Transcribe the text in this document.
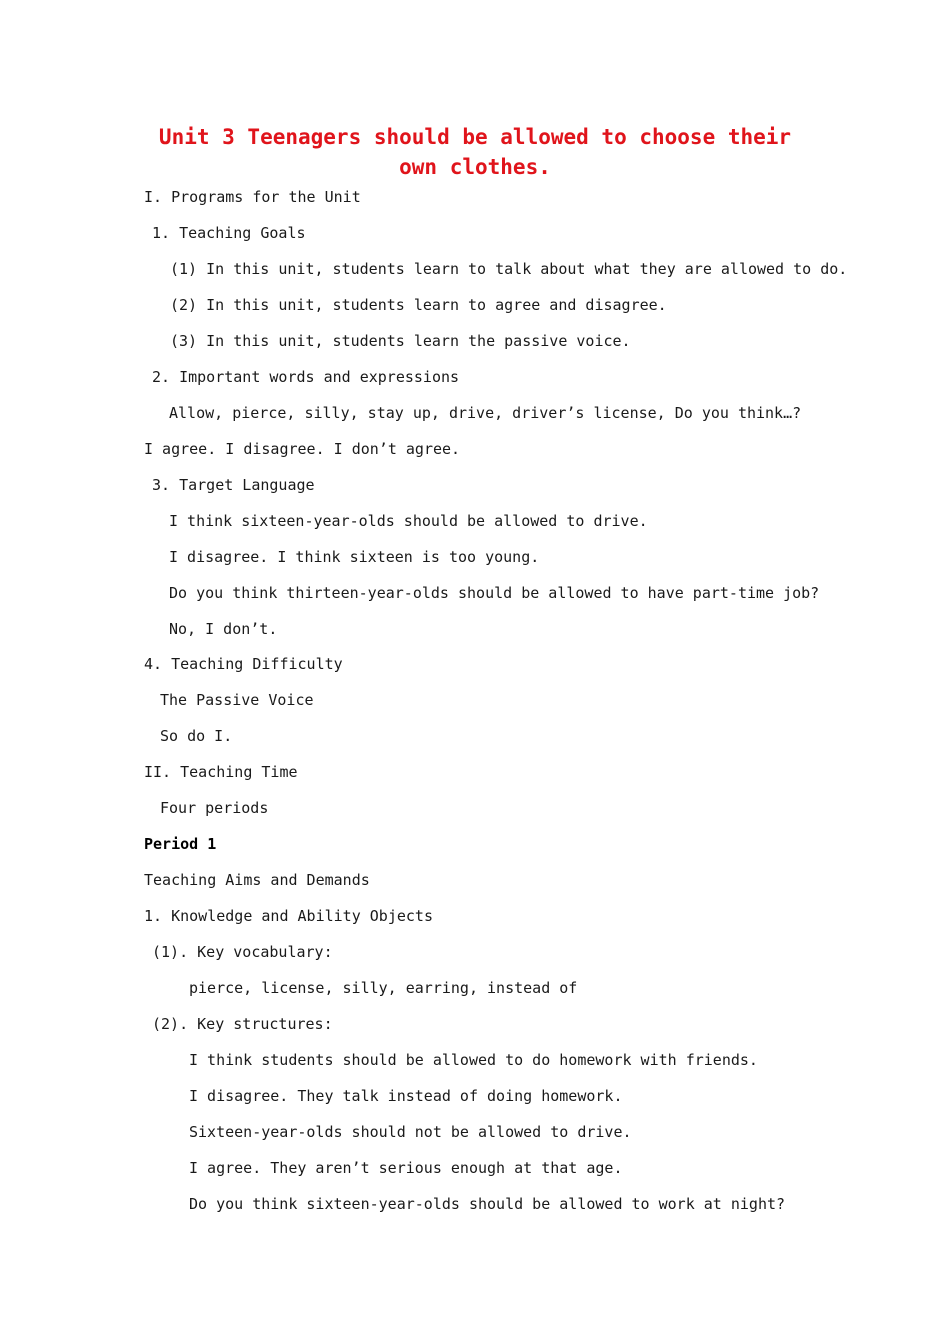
Unit 3 Teenagers should be allowed to choose their own clothes.
I. Programs for the Unit
1. Teaching Goals
(1) In this unit, students learn to talk about what they are allowed to do.
(2) In this unit, students learn to agree and disagree.
(3) In this unit, students learn the passive voice.
2. Important words and expressions
Allow, pierce, silly, stay up, drive, driver’s license, Do you think…?
I agree. I disagree. I don’t agree.
3. Target Language
I think sixteen-year-olds should be allowed to drive.
I disagree. I think sixteen is too young.
Do you think thirteen-year-olds should be allowed to have part-time job?
No, I don’t.
4. Teaching Difficulty
The Passive Voice
So do I.
II. Teaching Time
Four periods
Period 1
Teaching Aims and Demands
1. Knowledge and Ability Objects
(1). Key vocabulary:
pierce, license, silly, earring, instead of
(2). Key structures:
I think students should be allowed to do homework with friends.
I disagree. They talk instead of doing homework.
Sixteen-year-olds should not be allowed to drive.
I agree. They aren’t serious enough at that age.
Do you think sixteen-year-olds should be allowed to work at night?
